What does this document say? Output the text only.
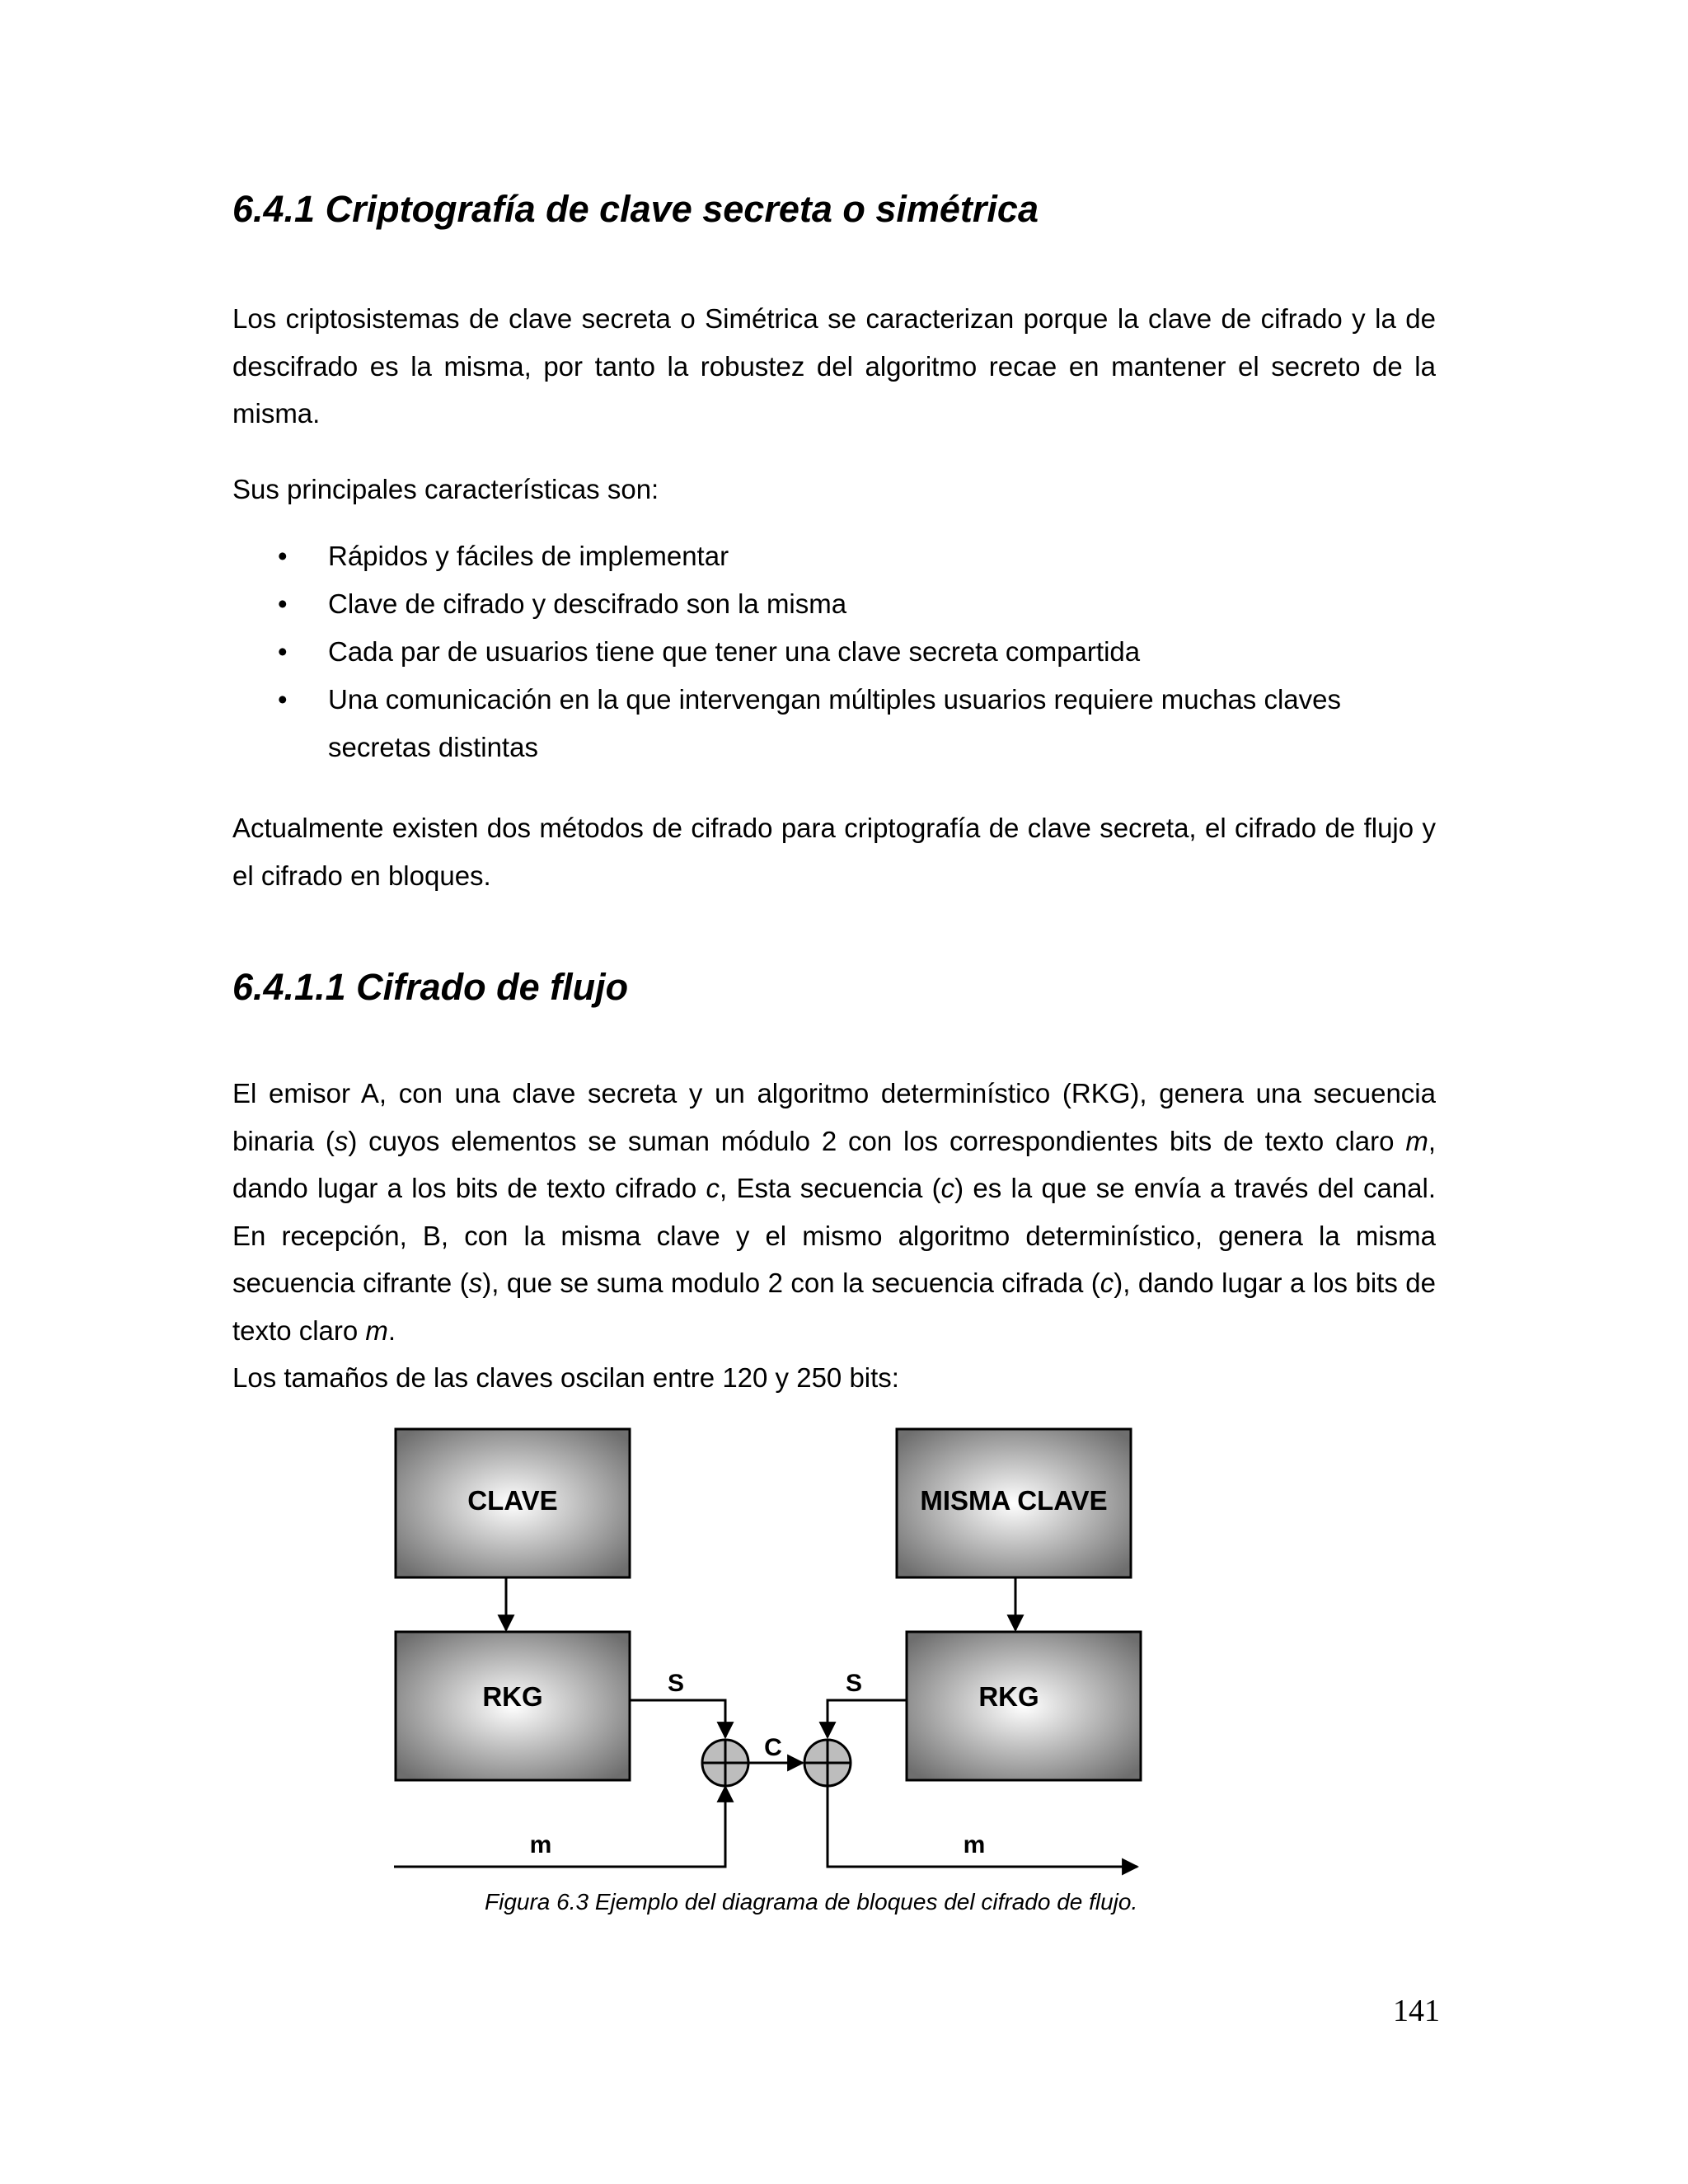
6.4.1 Criptografía de clave secreta o simétrica

Los criptosistemas de clave secreta o Simétrica se caracterizan porque la clave de cifrado y la de descifrado es la misma, por tanto la robustez del algoritmo recae en mantener el secreto de la misma.

Sus principales características son:

• Rápidos y fáciles de implementar
• Clave de cifrado y descifrado son la misma
• Cada par de usuarios tiene que tener una clave secreta compartida
• Una comunicación en la que intervengan múltiples usuarios requiere muchas claves secretas distintas

Actualmente existen dos métodos de cifrado para criptografía de clave secreta, el cifrado de flujo y el cifrado en bloques.

6.4.1.1 Cifrado de flujo

El emisor A, con una clave secreta y un algoritmo determinístico (RKG), genera una secuencia binaria (s) cuyos elementos se suman módulo 2 con los correspondientes bits de texto claro m, dando lugar a los bits de texto cifrado c, Esta secuencia (c) es la que se envía a través del canal. En recepción, B, con la misma clave y el mismo algoritmo determinístico, genera la misma secuencia cifrante (s), que se suma modulo 2 con la secuencia cifrada (c), dando lugar a los bits de texto claro m.

Los tamaños de las claves oscilan entre 120 y 250 bits:

CLAVE	MISMA CLAVE
RKG	RKG
S	S
C
m	m
Figura 6.3 Ejemplo del diagrama de bloques del cifrado de flujo.
141
